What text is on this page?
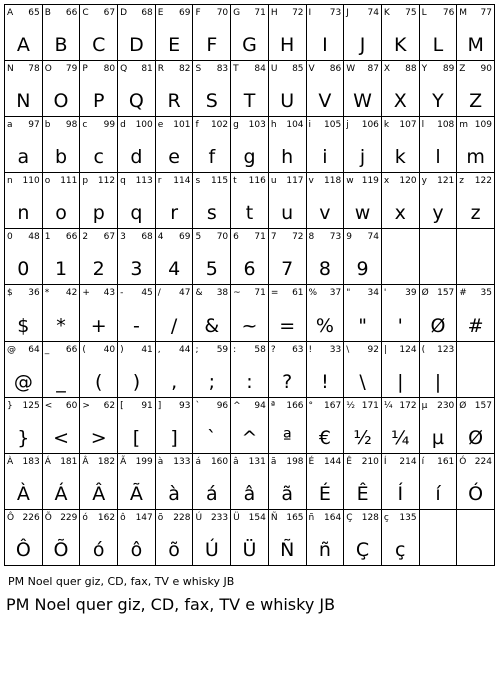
A 65
A
B 66
B
C 67
C
D 68
D
E 69
E
F 70
F
G 71
G
H 72
H
I 73
I
J 74
J
K 75
K
L 76
L
M 77
M
N 78
N
O 79
O
P 80
P
Q 81
Q
R 82
R
S 83
S
T 84
T
U 85
U
V 86
V
W 87
W
X 88
X
Y 89
Y
Z 90
Z
a 97
a
b 98
b
c 99
c
d 100
d
e 101
e
f 102
f
g 103
g
h 104
h
i 105
i
j 106
j
k 107
k
l 108
l
m 109
m
n 110
n
o 111
o
p 112
p
q 113
q
r 114
r
s 115
s
t 116
t
u 117
u
v 118
v
w 119
w
x 120
x
y 121
y
z 122
z
0 48
0
1 66
1
2 67
2
3 68
3
4 69
4
5 70
5
6 71
6
7 72
7
8 73
8
9 74
9
$ 36
$
* 42
*
+ 43
+
- 45
-
/ 47
/
& 38
&
~ 71
~
= 61
=
% 37
%
" 34
"
' 39
'
Ø 157
Ø
# 35
#
@ 64
@
_ 66
_
( 40
(
) 41
)
, 44
,
; 59
;
: 58
:
? 63
?
! 33
!
\ 92
\
| 124
|
( 123
|
} 125
}
< 60
<
> 62
>
[ 91
[
] 93
]
` 96
`
^ 94
^
ª 166
ª
° 167
€
½ 171
½
¼ 172
¼
µ 230
µ
Ø 157
Ø
À 183
À
Á 181
Á
Â 182
Â
Ã 199
Ã
à 133
à
á 160
á
â 131
â
ã 198
ã
É 144
É
Ê 210
Ê
Í 214
Í
í 161
í
Ó 224
Ó
Ô 226
Ô
Õ 229
Õ
ó 162
ó
ô 147
ô
õ 228
õ
Ú 233
Ú
Ü 154
Ü
Ñ 165
Ñ
ñ 164
ñ
Ç 128
Ç
ç 135
ç
PM Noel quer giz, CD, fax, TV e whisky JB
PM Noel quer giz, CD, fax, TV e whisky JB
